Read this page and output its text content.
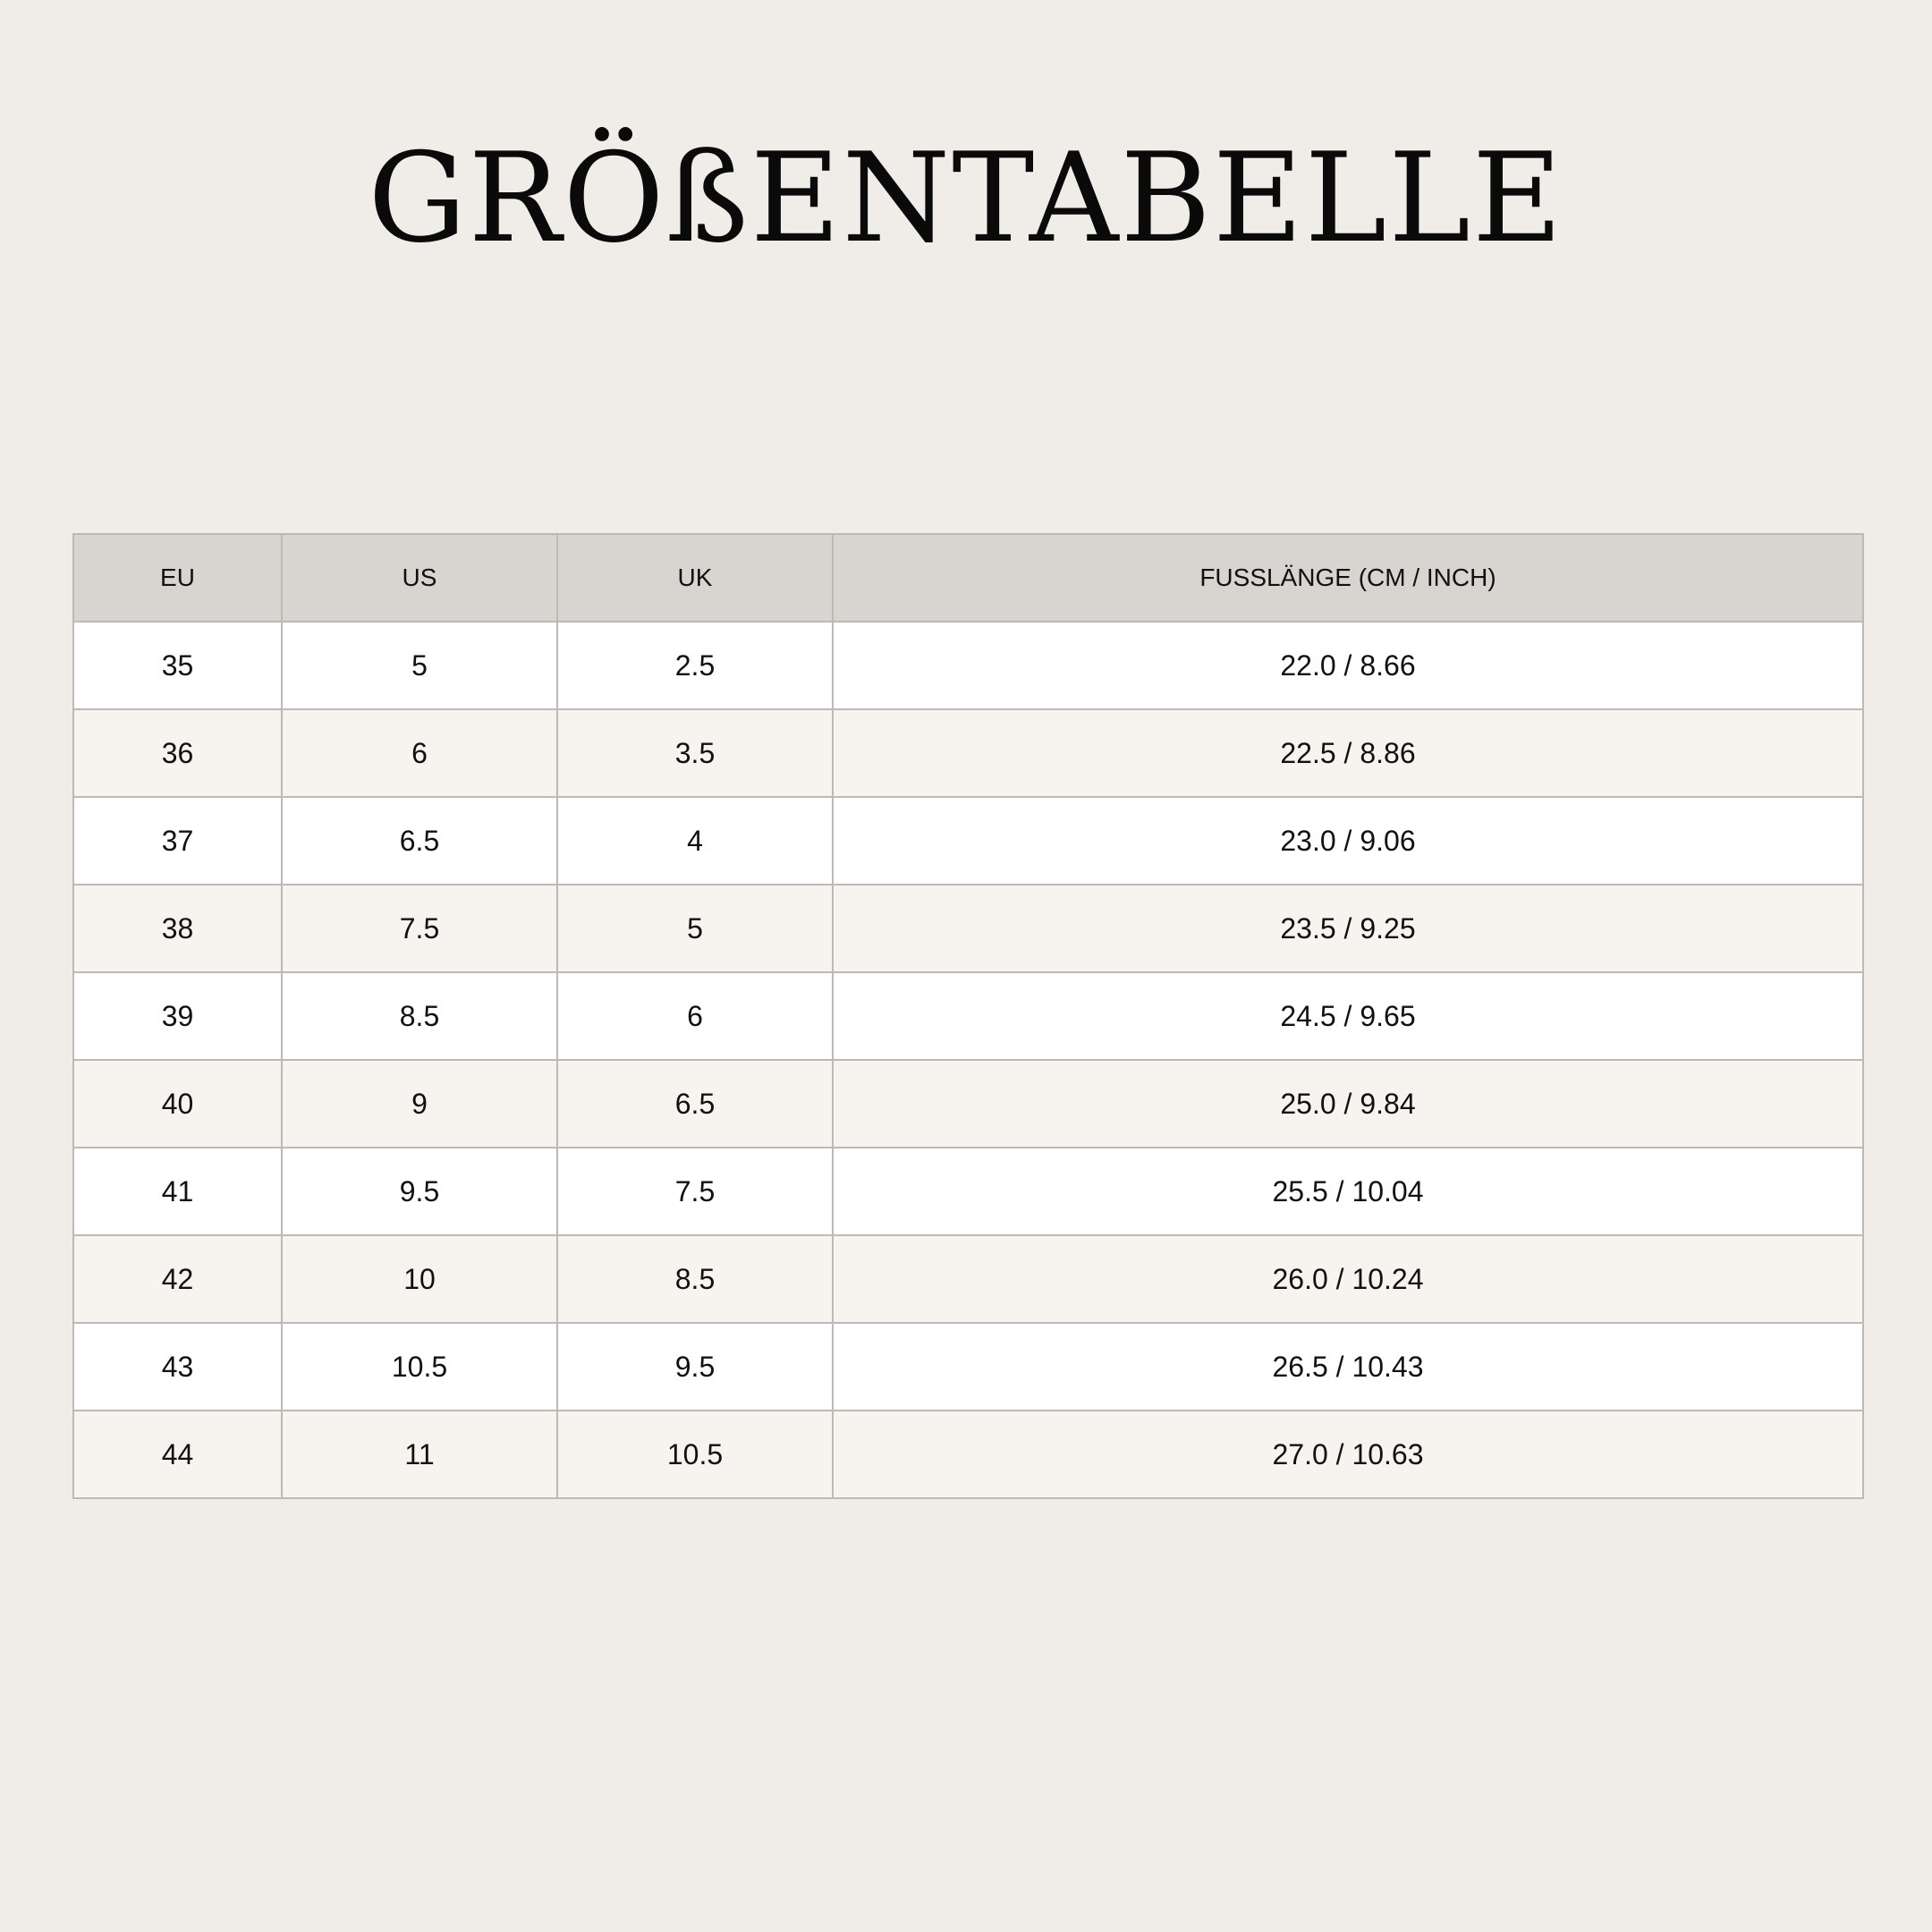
GRÖßENTABELLE
EU	US	UK	FUSSLÄNGE (CM / INCH)
35	5	2.5	22.0 / 8.66
36	6	3.5	22.5 / 8.86
37	6.5	4	23.0 / 9.06
38	7.5	5	23.5 / 9.25
39	8.5	6	24.5 / 9.65
40	9	6.5	25.0 / 9.84
41	9.5	7.5	25.5 / 10.04
42	10	8.5	26.0 / 10.24
43	10.5	9.5	26.5 / 10.43
44	11	10.5	27.0 / 10.63
